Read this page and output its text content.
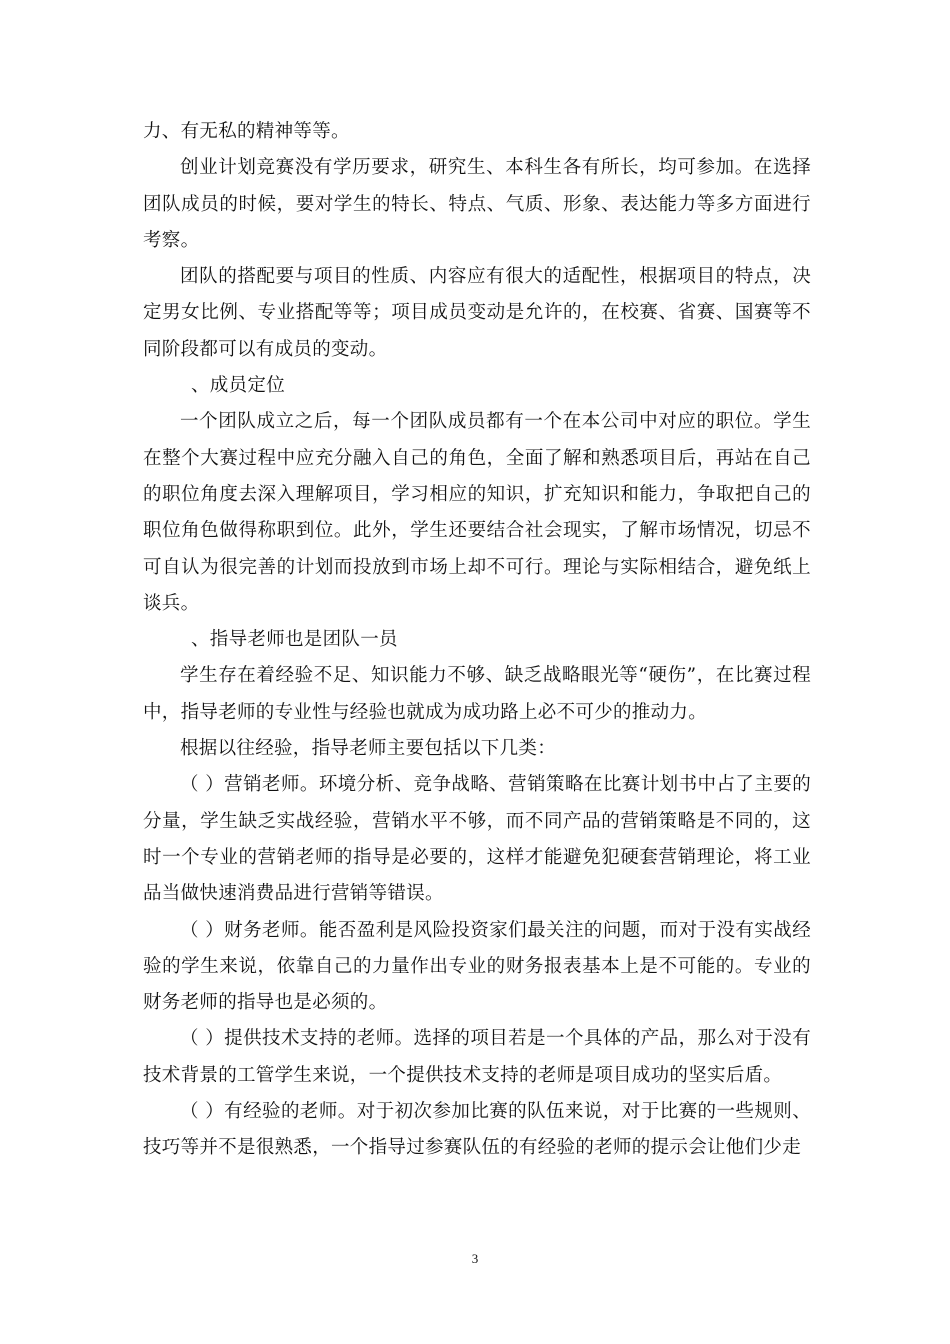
力、有无私的精神等等。

创业计划竞赛没有学历要求，研究生、本科生各有所长，均可参加。在选择团队成员的时候，要对学生的特长、特点、气质、形象、表达能力等多方面进行考察。

团队的搭配要与项目的性质、内容应有很大的适配性，根据项目的特点，决定男女比例、专业搭配等等；项目成员变动是允许的，在校赛、省赛、国赛等不同阶段都可以有成员的变动。

、成员定位

一个团队成立之后，每一个团队成员都有一个在本公司中对应的职位。学生在整个大赛过程中应充分融入自己的角色，全面了解和熟悉项目后，再站在自己的职位角度去深入理解项目，学习相应的知识，扩充知识和能力，争取把自己的职位角色做得称职到位。此外，学生还要结合社会现实，了解市场情况，切忌不可自认为很完善的计划而投放到市场上却不可行。理论与实际相结合，避免纸上谈兵。

、指导老师也是团队一员

学生存在着经验不足、知识能力不够、缺乏战略眼光等“硬伤”，在比赛过程中，指导老师的专业性与经验也就成为成功路上必不可少的推动力。

根据以往经验，指导老师主要包括以下几类：

（ ）营销老师。环境分析、竞争战略、营销策略在比赛计划书中占了主要的分量，学生缺乏实战经验，营销水平不够，而不同产品的营销策略是不同的，这时一个专业的营销老师的指导是必要的，这样才能避免犯硬套营销理论，将工业品当做快速消费品进行营销等错误。

（ ）财务老师。能否盈利是风险投资家们最关注的问题，而对于没有实战经验的学生来说，依靠自己的力量作出专业的财务报表基本上是不可能的。专业的财务老师的指导也是必须的。

（ ）提供技术支持的老师。选择的项目若是一个具体的产品，那么对于没有技术背景的工管学生来说，一个提供技术支持的老师是项目成功的坚实后盾。

（ ）有经验的老师。对于初次参加比赛的队伍来说，对于比赛的一些规则、技巧等并不是很熟悉，一个指导过参赛队伍的有经验的老师的提示会让他们少走

3
